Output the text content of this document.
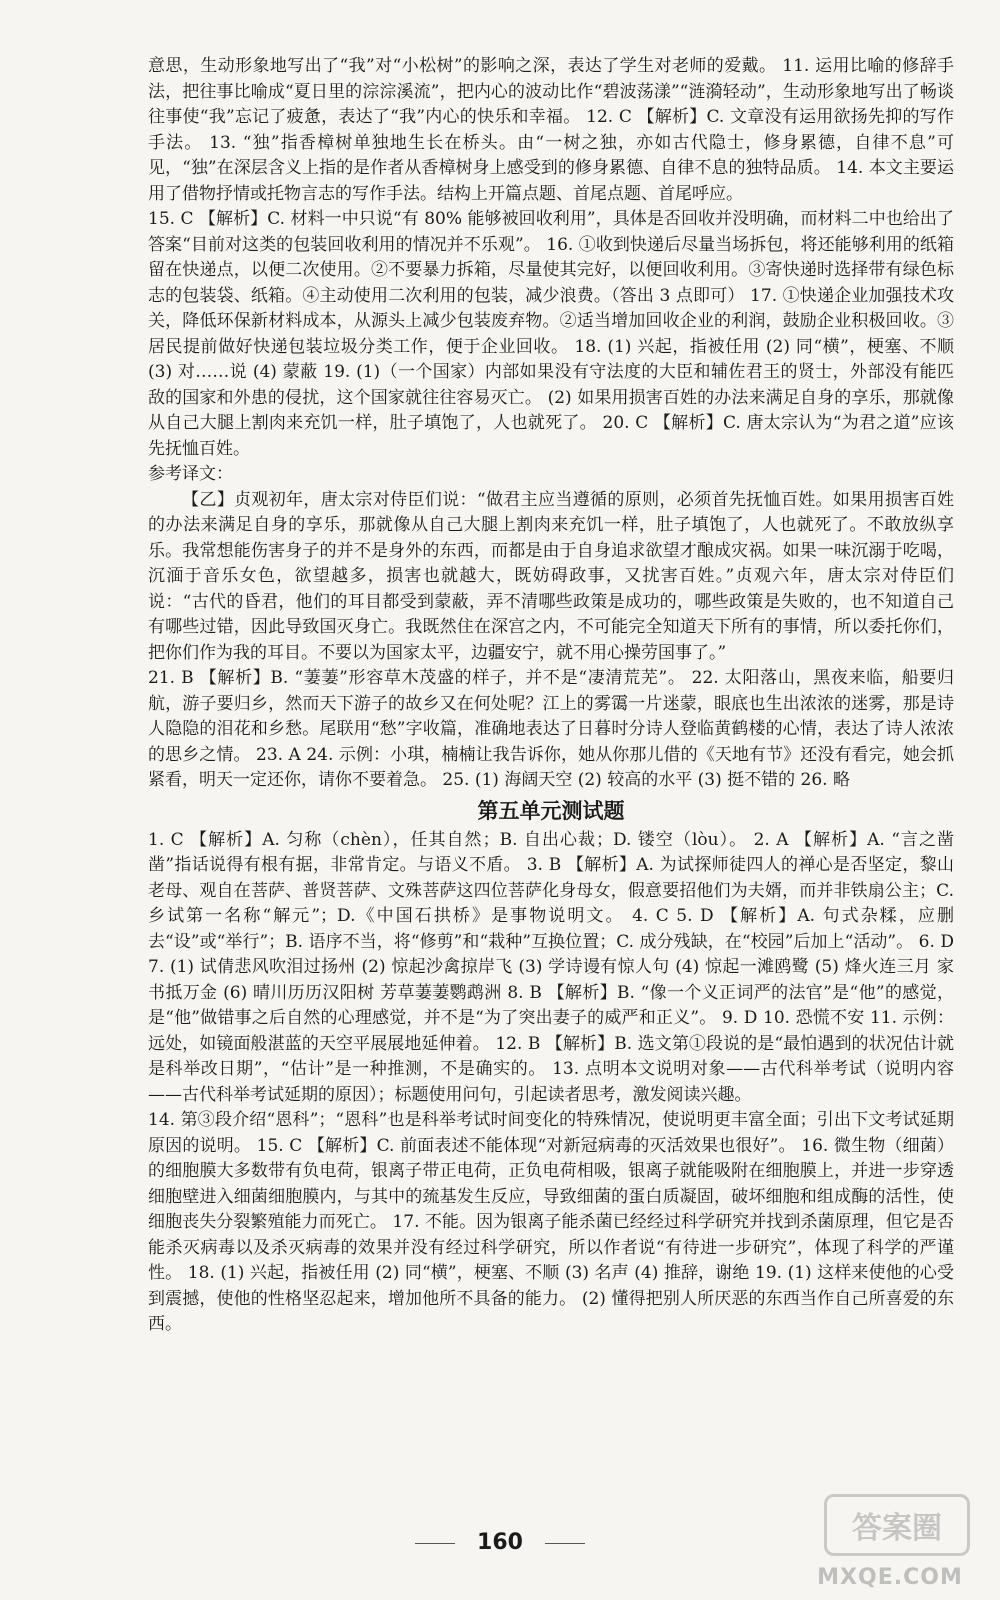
意思，生动形象地写出了“我”对“小松树”的影响之深，表达了学生对老师的爱戴。 11. 运用比喻的修辞手法，把往事比喻成“夏日里的淙淙溪流”，把内心的波动比作“碧波荡漾”“涟漪轻动”，生动形象地写出了畅谈往事使“我”忘记了疲惫，表达了“我”内心的快乐和幸福。 12. C 【解析】C. 文章没有运用欲扬先抑的写作手法。 13. “独”指香樟树单独地生长在桥头。由“一树之独，亦如古代隐士，修身累德，自律不息”可见，“独”在深层含义上指的是作者从香樟树身上感受到的修身累德、自律不息的独特品质。 14. 本文主要运用了借物抒情或托物言志的写作手法。结构上开篇点题、首尾点题、首尾呼应。

15. C 【解析】C. 材料一中只说“有 80% 能够被回收利用”，具体是否回收并没明确，而材料二中也给出了答案“目前对这类的包装回收利用的情况并不乐观”。 16. ①收到快递后尽量当场拆包，将还能够利用的纸箱留在快递点，以便二次使用。②不要暴力拆箱，尽量使其完好，以便回收利用。③寄快递时选择带有绿色标志的包装袋、纸箱。④主动使用二次利用的包装，减少浪费。（答出 3 点即可） 17. ①快递企业加强技术攻关，降低环保新材料成本，从源头上减少包装废弃物。②适当增加回收企业的利润，鼓励企业积极回收。③居民提前做好快递包装垃圾分类工作，便于企业回收。 18. (1) 兴起，指被任用 (2) 同“横”，梗塞、不顺 (3) 对……说 (4) 蒙蔽 19. (1)（一个国家）内部如果没有守法度的大臣和辅佐君王的贤士，外部没有能匹敌的国家和外患的侵扰，这个国家就往往容易灭亡。 (2) 如果用损害百姓的办法来满足自身的享乐，那就像从自己大腿上割肉来充饥一样，肚子填饱了，人也就死了。 20. C 【解析】C. 唐太宗认为“为君之道”应该先抚恤百姓。

参考译文：

【乙】贞观初年，唐太宗对侍臣们说：“做君主应当遵循的原则，必须首先抚恤百姓。如果用损害百姓的办法来满足自身的享乐，那就像从自己大腿上割肉来充饥一样，肚子填饱了，人也就死了。不敢放纵享乐。我常想能伤害身子的并不是身外的东西，而都是由于自身追求欲望才酿成灾祸。如果一味沉溺于吃喝，沉湎于音乐女色，欲望越多，损害也就越大，既妨碍政事，又扰害百姓。”贞观六年，唐太宗对侍臣们说：“古代的昏君，他们的耳目都受到蒙蔽，弄不清哪些政策是成功的，哪些政策是失败的，也不知道自己有哪些过错，因此导致国灭身亡。我既然住在深宫之内，不可能完全知道天下所有的事情，所以委托你们，把你们作为我的耳目。不要以为国家太平，边疆安宁，就不用心操劳国事了。”

21. B 【解析】B. “萋萋”形容草木茂盛的样子，并不是“凄清荒芜”。 22. 太阳落山，黑夜来临，船要归航，游子要归乡，然而天下游子的故乡又在何处呢？江上的雾霭一片迷蒙，眼底也生出浓浓的迷雾，那是诗人隐隐的泪花和乡愁。尾联用“愁”字收篇，准确地表达了日暮时分诗人登临黄鹤楼的心情，表达了诗人浓浓的思乡之情。 23. A 24. 示例：小琪，楠楠让我告诉你，她从你那儿借的《天地有节》还没有看完，她会抓紧看，明天一定还你，请你不要着急。 25. (1) 海阔天空 (2) 较高的水平 (3) 挺不错的 26. 略

第五单元测试题

1. C 【解析】A. 匀称（chèn），任其自然；B. 自出心裁；D. 镂空（lòu）。 2. A 【解析】A. “言之凿凿”指话说得有根有据，非常肯定。与语义不盾。 3. B 【解析】A. 为试探师徒四人的禅心是否坚定，黎山老母、观自在菩萨、普贤菩萨、文殊菩萨这四位菩萨化身母女，假意要招他们为夫婿，而并非铁扇公主；C. 乡试第一名称“解元”；D.《中国石拱桥》是事物说明文。 4. C 5. D 【解析】A. 句式杂糅，应删去“设”或“举行”；B. 语序不当，将“修剪”和“栽种”互换位置；C. 成分残缺，在“校园”后加上“活动”。 6. D 7. (1) 试倩悲风吹泪过扬州 (2) 惊起沙禽掠岸飞 (3) 学诗谩有惊人句 (4) 惊起一滩鸥鹭 (5) 烽火连三月 家书抵万金 (6) 晴川历历汉阳树 芳草萋萋鹦鹉洲 8. B 【解析】B. “像一个义正词严的法官”是“他”的感觉，是“他”做错事之后自然的心理感觉，并不是“为了突出妻子的威严和正义”。 9. D 10. 恐慌不安 11. 示例：远处，如镜面般湛蓝的天空平展展地延伸着。 12. B 【解析】B. 选文第①段说的是“最怕遇到的状况估计就是科举改日期”，“估计”是一种推测，不是确实的。 13. 点明本文说明对象——古代科举考试（说明内容——古代科举考试延期的原因）；标题使用问句，引起读者思考，激发阅读兴趣。

14. 第③段介绍“恩科”；“恩科”也是科举考试时间变化的特殊情况，使说明更丰富全面；引出下文考试延期原因的说明。 15. C 【解析】C. 前面表述不能体现“对新冠病毒的灭活效果也很好”。 16. 微生物（细菌）的细胞膜大多数带有负电荷，银离子带正电荷，正负电荷相吸，银离子就能吸附在细胞膜上，并进一步穿透细胞壁进入细菌细胞膜内，与其中的巯基发生反应，导致细菌的蛋白质凝固，破坏细胞和组成酶的活性，使细胞丧失分裂繁殖能力而死亡。 17. 不能。因为银离子能杀菌已经经过科学研究并找到杀菌原理，但它是否能杀灭病毒以及杀灭病毒的效果并没有经过科学研究，所以作者说“有待进一步研究”，体现了科学的严谨性。 18. (1) 兴起，指被任用 (2) 同“横”，梗塞、不顺 (3) 名声 (4) 推辞，谢绝 19. (1) 这样来使他的心受到震撼，使他的性格坚忍起来，增加他所不具备的能力。 (2) 懂得把别人所厌恶的东西当作自己所喜爱的东西。

160	答案圈
MXQE.COM
